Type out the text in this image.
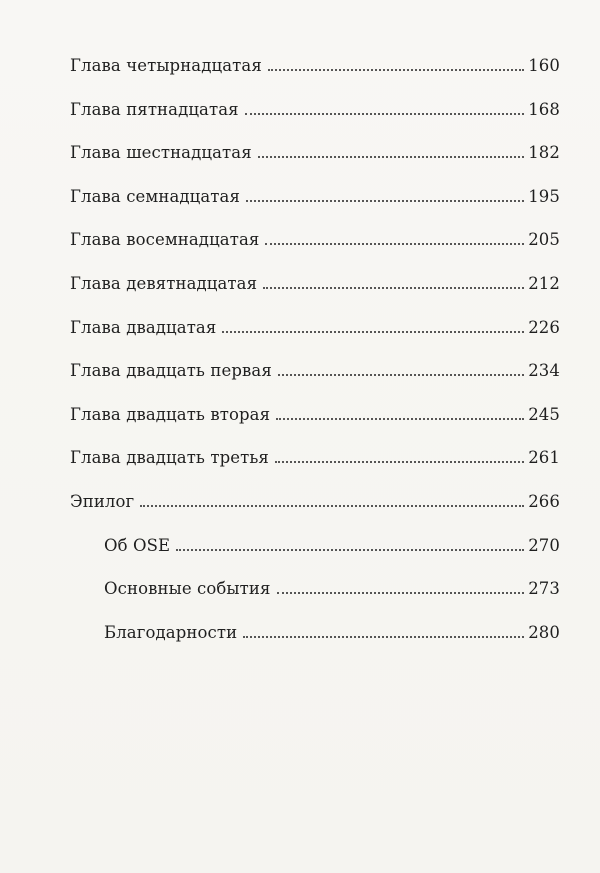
Глава четырнадцатая	160
Глава пятнадцатая	168
Глава шестнадцатая	182
Глава семнадцатая	195
Глава восемнадцатая	205
Глава девятнадцатая	212
Глава двадцатая	226
Глава двадцать первая	234
Глава двадцать вторая	245
Глава двадцать третья	261
Эпилог	266
Об OSE	270
Основные события	273
Благодарности	280
